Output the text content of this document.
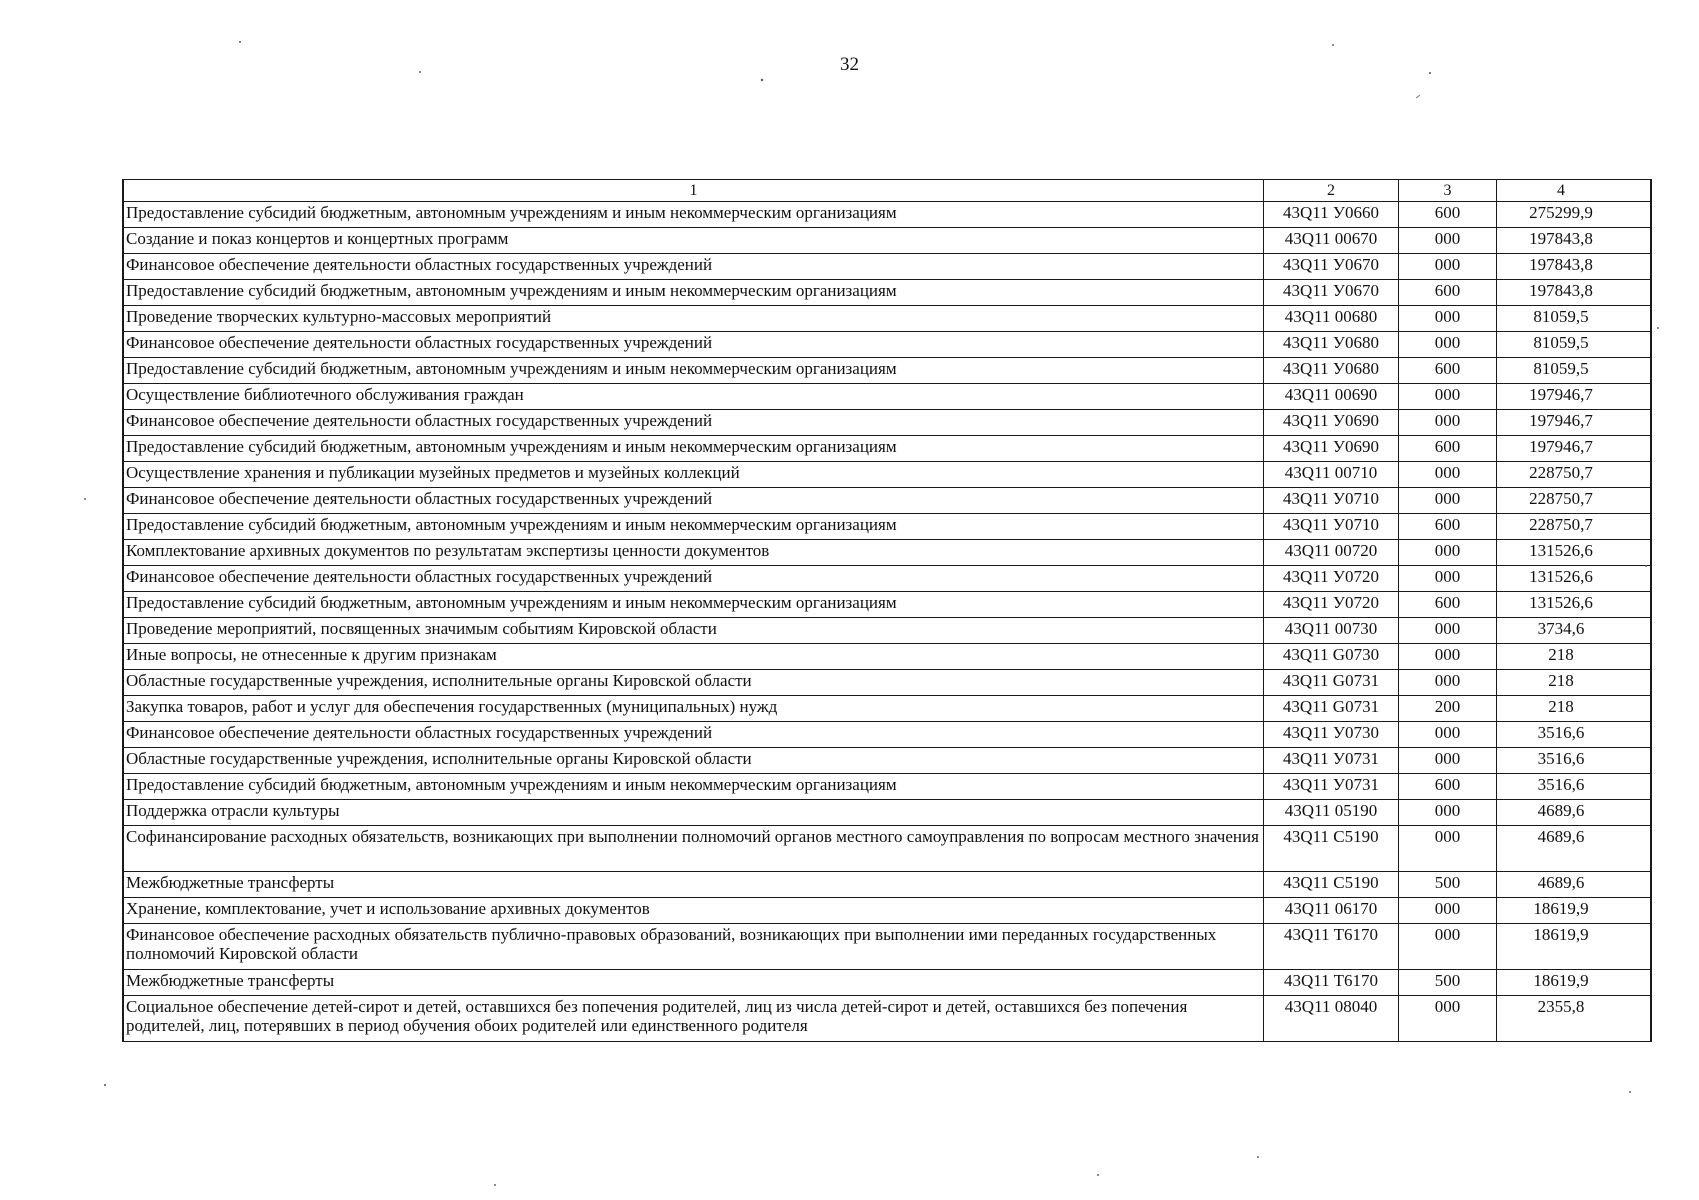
32
1	2	3	4
Предоставление субсидий бюджетным, автономным учреждениям и иным некоммерческим организациям	43Q11 У0660	600	275299,9
Создание и показ концертов и концертных программ	43Q11 00670	000	197843,8
Финансовое обеспечение деятельности областных государственных учреждений	43Q11 У0670	000	197843,8
Предоставление субсидий бюджетным, автономным учреждениям и иным некоммерческим организациям	43Q11 У0670	600	197843,8
Проведение творческих культурно-массовых мероприятий	43Q11 00680	000	81059,5
Финансовое обеспечение деятельности областных государственных учреждений	43Q11 У0680	000	81059,5
Предоставление субсидий бюджетным, автономным учреждениям и иным некоммерческим организациям	43Q11 У0680	600	81059,5
Осуществление библиотечного обслуживания граждан	43Q11 00690	000	197946,7
Финансовое обеспечение деятельности областных государственных учреждений	43Q11 У0690	000	197946,7
Предоставление субсидий бюджетным, автономным учреждениям и иным некоммерческим организациям	43Q11 У0690	600	197946,7
Осуществление хранения и публикации музейных предметов и музейных коллекций	43Q11 00710	000	228750,7
Финансовое обеспечение деятельности областных государственных учреждений	43Q11 У0710	000	228750,7
Предоставление субсидий бюджетным, автономным учреждениям и иным некоммерческим организациям	43Q11 У0710	600	228750,7
Комплектование архивных документов по результатам экспертизы ценности документов	43Q11 00720	000	131526,6
Финансовое обеспечение деятельности областных государственных учреждений	43Q11 У0720	000	131526,6
Предоставление субсидий бюджетным, автономным учреждениям и иным некоммерческим организациям	43Q11 У0720	600	131526,6
Проведение мероприятий, посвященных значимым событиям Кировской области	43Q11 00730	000	3734,6
Иные вопросы, не отнесенные к другим признакам	43Q11 G0730	000	218
Областные государственные учреждения, исполнительные органы Кировской области	43Q11 G0731	000	218
Закупка товаров, работ и услуг для обеспечения государственных (муниципальных) нужд	43Q11 G0731	200	218
Финансовое обеспечение деятельности областных государственных учреждений	43Q11 У0730	000	3516,6
Областные государственные учреждения, исполнительные органы Кировской области	43Q11 У0731	000	3516,6
Предоставление субсидий бюджетным, автономным учреждениям и иным некоммерческим организациям	43Q11 У0731	600	3516,6
Поддержка отрасли культуры	43Q11 05190	000	4689,6
Софинансирование расходных обязательств, возникающих при выполнении полномочий органов местного самоуправления по вопросам местного значения	43Q11 C5190	000	4689,6
Межбюджетные трансферты	43Q11 C5190	500	4689,6
Хранение, комплектование, учет и использование архивных документов	43Q11 06170	000	18619,9
Финансовое обеспечение расходных обязательств публично-правовых образований, возникающих при выполнении ими переданных государственных полномочий Кировской области	43Q11 T6170	000	18619,9
Межбюджетные трансферты	43Q11 T6170	500	18619,9
Социальное обеспечение детей-сирот и детей, оставшихся без попечения родителей, лиц из числа детей-сирот и детей, оставшихся без попечения родителей, лиц, потерявших в период обучения обоих родителей или единственного родителя	43Q11 08040	000	2355,8
